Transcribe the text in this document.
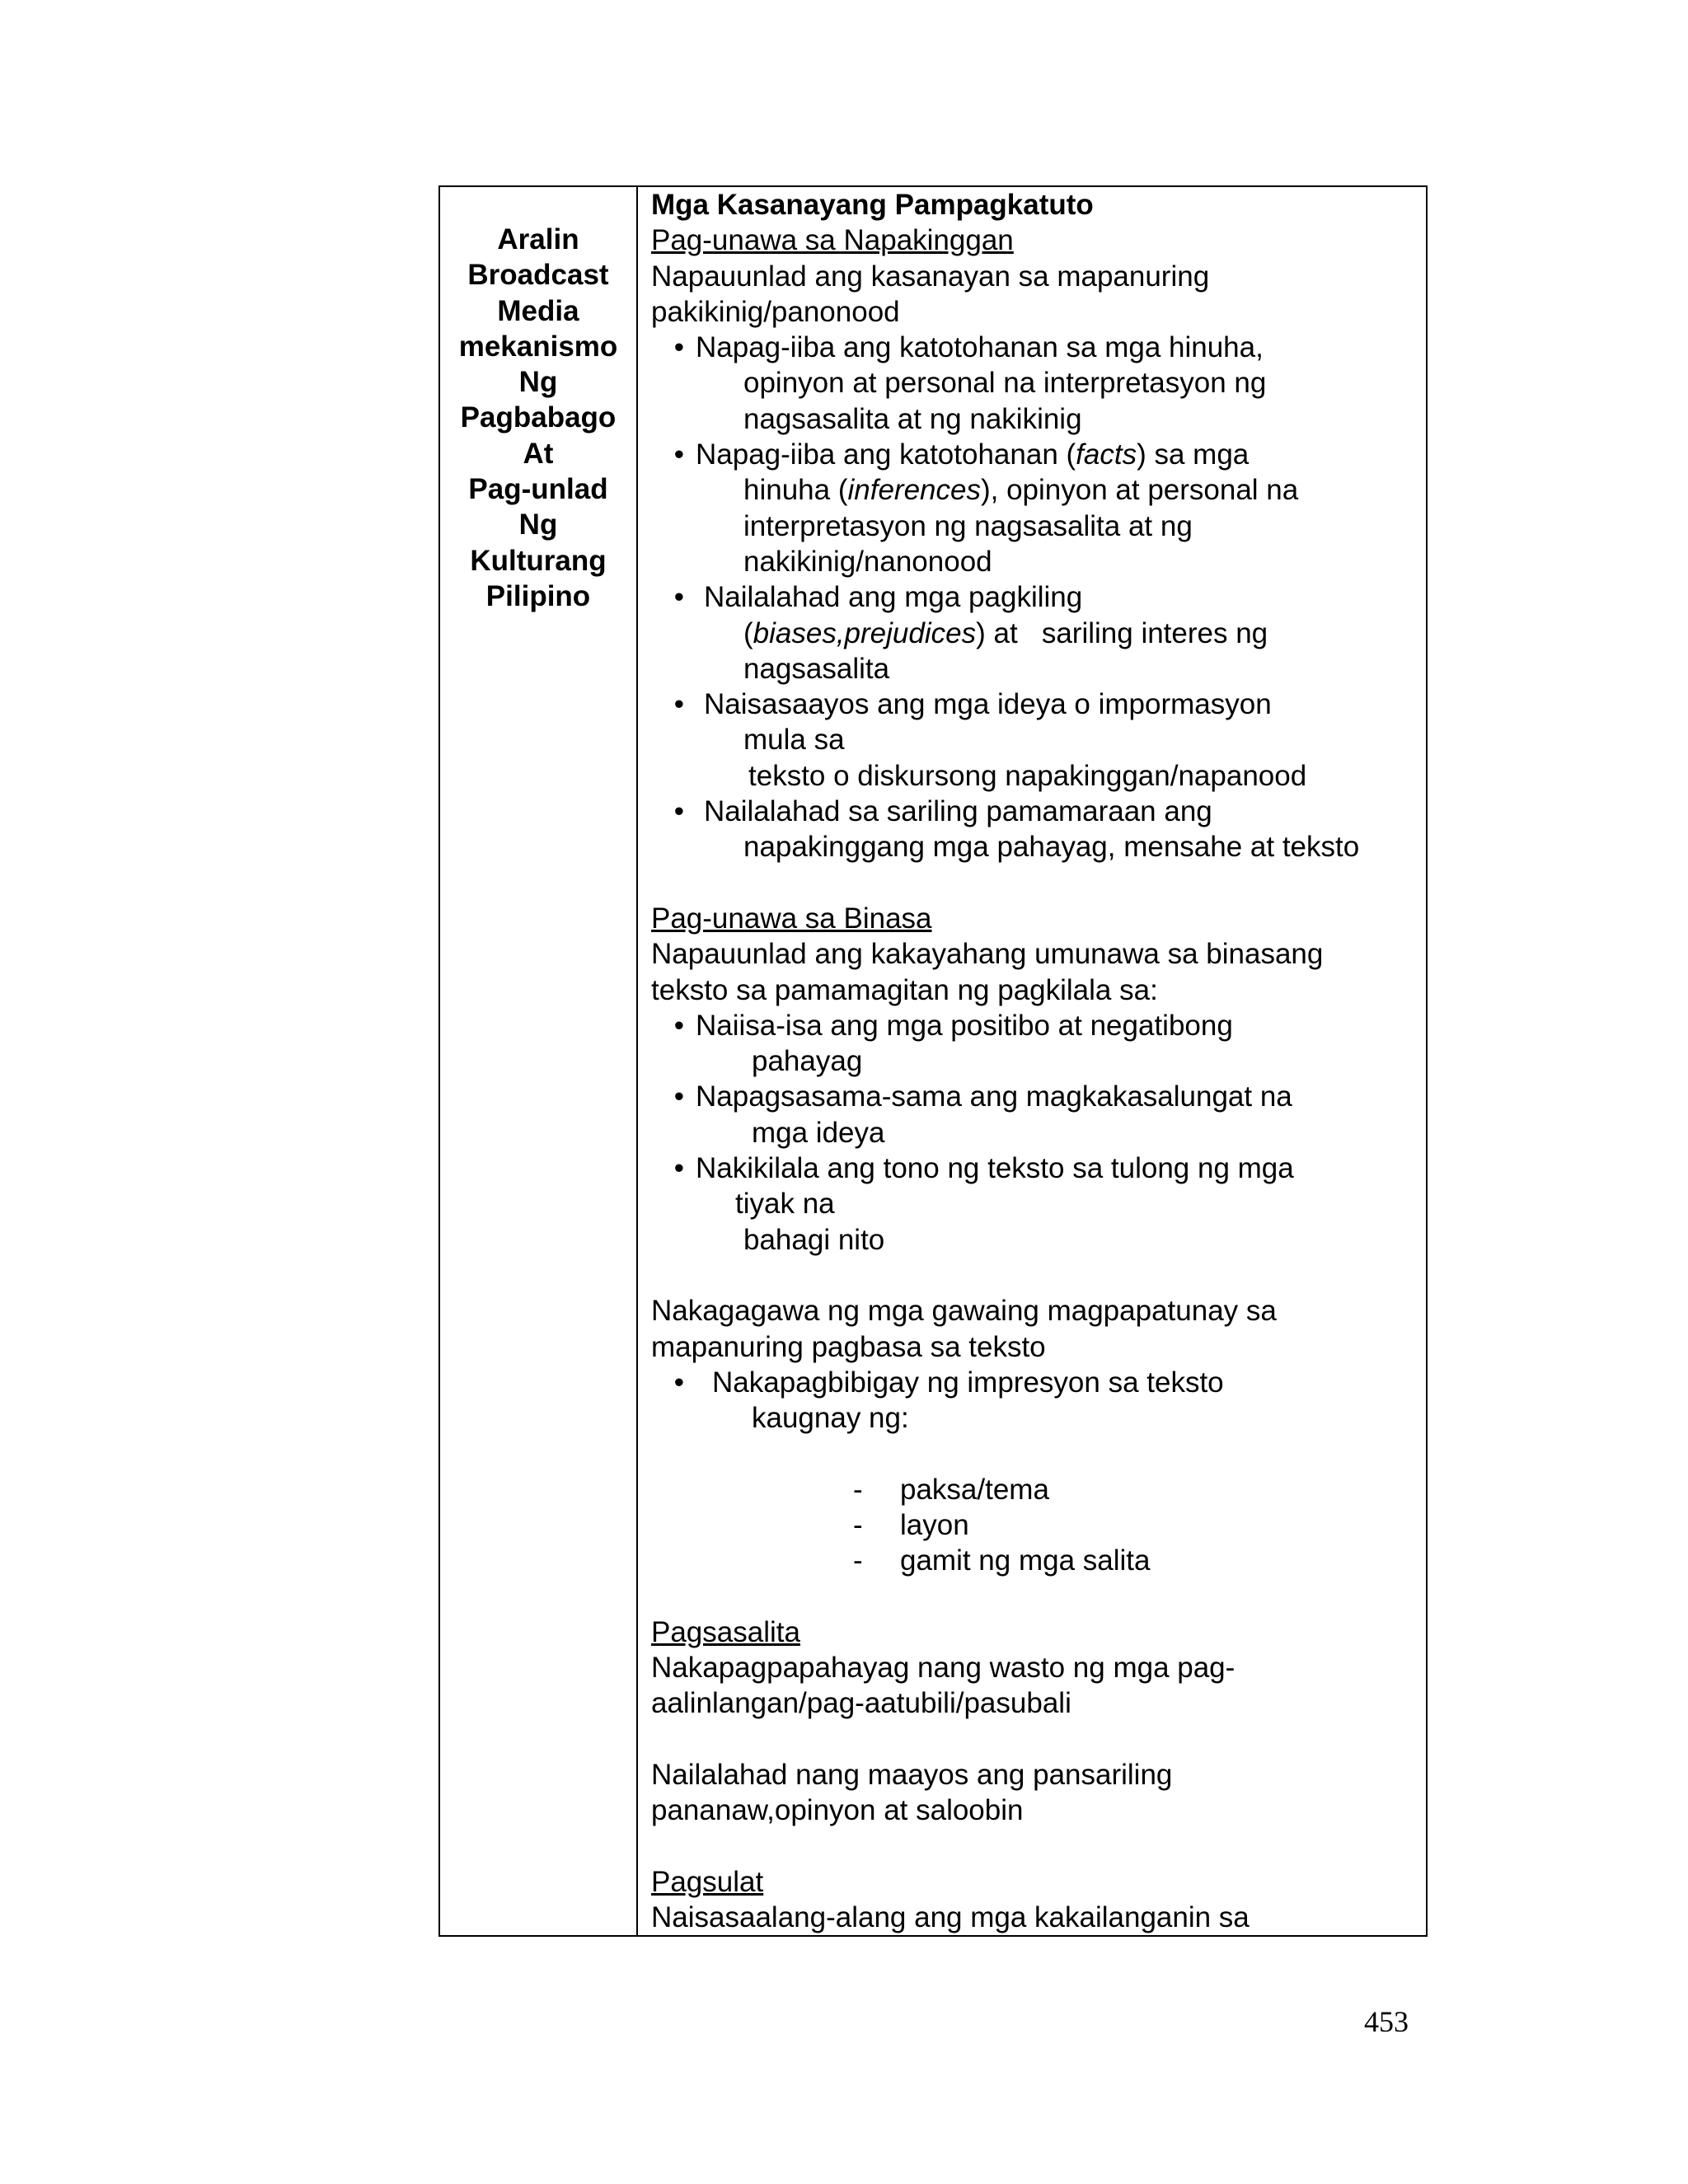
Aralin
Broadcast
Media
mekanismo
Ng
Pagbabago
At
Pag-unlad
Ng
Kulturang
Pilipino
Mga Kasanayang Pampagkatuto
Pag-unawa sa Napakinggan
Napauunlad ang kasanayan sa mapanuring
pakikinig/panonood
• Napag-iiba ang katotohanan sa mga hinuha,
opinyon at personal na interpretasyon ng
nagsasalita at ng nakikinig
• Napag-iiba ang katotohanan (facts) sa mga
hinuha (inferences), opinyon at personal na
interpretasyon ng nagsasalita at ng
nakikinig/nanonood
• Nailalahad ang mga pagkiling
(biases,prejudices) at   sariling interes ng
nagsasalita
• Naisasaayos ang mga ideya o impormasyon
mula sa
teksto o diskursong napakinggan/napanood
• Nailalahad sa sariling pamamaraan ang
napakinggang mga pahayag, mensahe at teksto
Pag-unawa sa Binasa
Napauunlad ang kakayahang umunawa sa binasang
teksto sa pamamagitan ng pagkilala sa:
• Naiisa-isa ang mga positibo at negatibong
pahayag
• Napagsasama-sama ang magkakasalungat na
mga ideya
• Nakikilala ang tono ng teksto sa tulong ng mga
tiyak na
bahagi nito
Nakagagawa ng mga gawaing magpapatunay sa
mapanuring pagbasa sa teksto
• Nakapagbibigay ng impresyon sa teksto
kaugnay ng:
-	paksa/tema
-	layon
-	gamit ng mga salita
Pagsasalita
Nakapagpapahayag nang wasto ng mga pag-
aalinlangan/pag-aatubili/pasubali
Nailalahad nang maayos ang pansariling
pananaw,opinyon at saloobin
Pagsulat
Naisasaalang-alang ang mga kakailanganin sa
453
